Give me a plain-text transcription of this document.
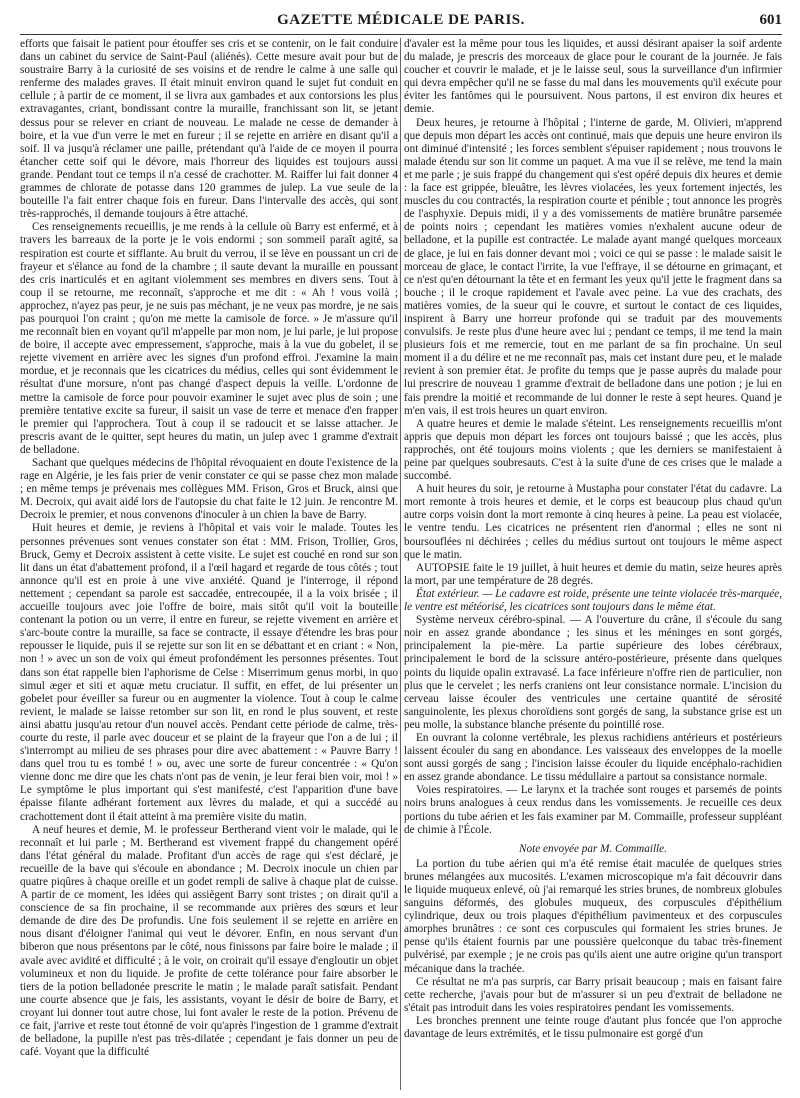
GAZETTE MÉDICALE DE PARIS.	601

efforts que faisait le patient pour étouffer ses cris et se contenir, on le fait conduire dans un cabinet du service de Saint-Paul (aliénés). Cette mesure avait pour but de soustraire Barry à la curiosité de ses voisins et de rendre le calme à une salle qui renferme des malades graves. Il était minuit environ quand le sujet fut conduit en cellule ; à partir de ce moment, il se livra aux gambades et aux contorsions les plus extravagantes, criant, bondissant contre la muraille, franchissant son lit, se jetant dessus pour se relever en criant de nouveau. Le malade ne cesse de demander à boire, et la vue d'un verre le met en fureur ; il se rejette en arrière en disant qu'il a soif. Il va jusqu'à réclamer une paille, prétendant qu'à l'aide de ce moyen il pourra étancher cette soif qui le dévore, mais l'horreur des liquides est toujours aussi grande. Pendant tout ce temps il n'a cessé de crachotter. M. Raiffer lui fait donner 4 grammes de chlorate de potasse dans 120 grammes de julep. La vue seule de la bouteille l'a fait entrer chaque fois en fureur. Dans l'intervalle des accès, qui sont très-rapprochés, il demande toujours à être attaché.

Ces renseignements recueillis, je me rends à la cellule où Barry est enfermé, et à travers les barreaux de la porte je le vois endormi ; son sommeil paraît agité, sa respiration est courte et sifflante. Au bruit du verrou, il se lève en poussant un cri de frayeur et s'élance au fond de la chambre ; il saute devant la muraille en poussant des cris inarticulés et en agitant violemment ses membres en divers sens. Tout à coup il se retourne, me reconnaît, s'approche et me dit : « Ah ! vous voilà ; approchez, n'ayez pas peur, je ne suis pas méchant, je ne veux pas mordre, je ne sais pas pourquoi l'on craint ; qu'on me mette la camisole de force. » Je m'assure qu'il me reconnaît bien en voyant qu'il m'appelle par mon nom, je lui parle, je lui propose de boire, il accepte avec empressement, s'approche, mais à la vue du gobelet, il se rejette vivement en arrière avec les signes d'un profond effroi. J'examine la main mordue, et je reconnais que les cicatrices du médius, celles qui sont évidemment le résultat d'une morsure, n'ont pas changé d'aspect depuis la veille. L'ordonne de mettre la camisole de force pour pouvoir examiner le sujet avec plus de soin ; une première tentative excite sa fureur, il saisit un vase de terre et menace d'en frapper le premier qui l'approchera. Tout à coup il se radoucit et se laisse attacher. Je prescris avant de le quitter, sept heures du matin, un julep avec 1 gramme d'extrait de belladone.

Sachant que quelques médecins de l'hôpital révoquaient en doute l'existence de la rage en Algérie, je les fais prier de venir constater ce qui se passe chez mon malade ; en même temps je prévenais mes collègues MM. Frison, Gros et Bruck, ainsi que M. Decroix, qui avait aidé lors de l'autopsie du chat faite le 12 juin. Je rencontre M. Decroix le premier, et nous convenons d'inoculer à un chien la bave de Barry.

Huit heures et demie, je reviens à l'hôpital et vais voir le malade. Toutes les personnes prévenues sont venues constater son état : MM. Frison, Trollier, Gros, Bruck, Gemy et Decroix assistent à cette visite. Le sujet est couché en rond sur son lit dans un état d'abattement profond, il a l'œil hagard et regarde de tous côtés ; tout annonce qu'il est en proie à une vive anxiété. Quand je l'interroge, il répond nettement ; cependant sa parole est saccadée, entrecoupée, il a la voix brisée ; il accueille toujours avec joie l'offre de boire, mais sitôt qu'il voit la bouteille contenant la potion ou un verre, il entre en fureur, se rejette vivement en arrière et s'arc-boute contre la muraille, sa face se contracte, il essaye d'étendre les bras pour repousser le liquide, puis il se rejette sur son lit en se débattant et en criant : « Non, non ! » avec un son de voix qui émeut profondément les personnes présentes. Tout dans son état rappelle bien l'aphorisme de Celse : Miserrimum genus morbi, in quo simul æger et siti et aquæ metu cruciatur. Il suffit, en effet, de lui présenter un gobelet pour éveiller sa fureur ou en augmenter la violence. Tout à coup le calme revient, le malade se laisse retomber sur son lit, en rond le plus souvent, et reste ainsi abattu jusqu'au retour d'un nouvel accès. Pendant cette période de calme, très-courte du reste, il parle avec douceur et se plaint de la frayeur que l'on a de lui ; il s'interrompt au milieu de ses phrases pour dire avec abattement : « Pauvre Barry ! dans quel trou tu es tombé ! » ou, avec une sorte de fureur concentrée : « Qu'on vienne donc me dire que les chats n'ont pas de venin, je leur ferai bien voir, moi ! » Le symptôme le plus important qui s'est manifesté, c'est l'apparition d'une bave épaisse filante adhérant fortement aux lèvres du malade, et qui a succédé au crachottement dont il était atteint à ma première visite du matin.

A neuf heures et demie, M. le professeur Bertherand vient voir le malade, qui le reconnaît et lui parle ; M. Bertherand est vivement frappé du changement opéré dans l'état général du malade. Profitant d'un accès de rage qui s'est déclaré, je recueille de la bave qui s'écoule en abondance ; M. Decroix inocule un chien par quatre piqûres à chaque oreille et un godet rempli de salive à chaque plat de cuisse. A partir de ce moment, les idées qui assiègent Barry sont tristes ; on dirait qu'il a conscience de sa fin prochaine, il se recommande aux prières des sœurs et leur demande de dire des De profundis. Une fois seulement il se rejette en arrière en nous disant d'éloigner l'animal qui veut le dévorer. Enfin, en nous servant d'un biberon que nous présentons par le côté, nous finissons par faire boire le malade ; il avale avec avidité et difficulté ; à le voir, on croirait qu'il essaye d'engloutir un objet volumineux et non du liquide. Je profite de cette tolérance pour faire absorber le tiers de la potion belladonée prescrite le matin ; le malade paraît satisfait. Pendant une courte absence que je fais, les assistants, voyant le désir de boire de Barry, et croyant lui donner tout autre chose, lui font avaler le reste de la potion. Prévenu de ce fait, j'arrive et reste tout étonné de voir qu'après l'ingestion de 1 gramme d'extrait de belladone, la pupille n'est pas très-dilatée ; cependant je fais donner un peu de café. Voyant que la difficulté

d'avaler est la même pour tous les liquides, et aussi désirant apaiser la soif ardente du malade, je prescris des morceaux de glace pour le courant de la journée. Je fais coucher et couvrir le malade, et je le laisse seul, sous la surveillance d'un infirmier qui devra empêcher qu'il ne se fasse du mal dans les mouvements qu'il exécute pour éviter les fantômes qui le poursuivent. Nous partons, il est environ dix heures et demie.

Deux heures, je retourne à l'hôpital ; l'interne de garde, M. Olivieri, m'apprend que depuis mon départ les accès ont continué, mais que depuis une heure environ ils ont diminué d'intensité ; les forces semblent s'épuiser rapidement ; nous trouvons le malade étendu sur son lit comme un paquet. A ma vue il se relève, me tend la main et me parle ; je suis frappé du changement qui s'est opéré depuis dix heures et demie : la face est grippée, bleuâtre, les lèvres violacées, les yeux fortement injectés, les muscles du cou contractés, la respiration courte et pénible ; tout annonce les progrès de l'asphyxie. Depuis midi, il y a des vomissements de matière brunâtre parsemée de points noirs ; cependant les matières vomies n'exhalent aucune odeur de belladone, et la pupille est contractée. Le malade ayant mangé quelques morceaux de glace, je lui en fais donner devant moi ; voici ce qui se passe : le malade saisit le morceau de glace, le contact l'irrite, la vue l'effraye, il se détourne en grimaçant, et ce n'est qu'en détournant la tête et en fermant les yeux qu'il jette le fragment dans sa bouche ; il le croque rapidement et l'avale avec peine. La vue des crachats, des matières vomies, de la sueur qui le couvre, et surtout le contact de ces liquides, inspirent à Barry une horreur profonde qui se traduit par des mouvements convulsifs. Je reste plus d'une heure avec lui ; pendant ce temps, il me tend la main plusieurs fois et me remercie, tout en me parlant de sa fin prochaine. Un seul moment il a du délire et ne me reconnaît pas, mais cet instant dure peu, et le malade revient à son premier état. Je profite du temps que je passe auprès du malade pour lui prescrire de nouveau 1 gramme d'extrait de belladone dans une potion ; je lui en fais prendre la moitié et recommande de lui donner le reste à sept heures. Quand je m'en vais, il est trois heures un quart environ.

A quatre heures et demie le malade s'éteint. Les renseignements recueillis m'ont appris que depuis mon départ les forces ont toujours baissé ; que les accès, plus rapprochés, ont été toujours moins violents ; que les derniers se manifestaient à peine par quelques soubresauts. C'est à la suite d'une de ces crises que le malade a succombé.

A huit heures du soir, je retourne à Mustapha pour constater l'état du cadavre. La mort remonte à trois heures et demie, et le corps est beaucoup plus chaud qu'un autre corps voisin dont la mort remonte à cinq heures à peine. La peau est violacée, le ventre tendu. Les cicatrices ne présentent rien d'anormal ; elles ne sont ni boursouflées ni déchirées ; celles du médius surtout ont toujours le même aspect que le matin.

AUTOPSIE faite le 19 juillet, à huit heures et demie du matin, seize heures après la mort, par une température de 28 degrés.

État extérieur. — Le cadavre est roide, présente une teinte violacée très-marquée, le ventre est météorisé, les cicatrices sont toujours dans le même état.

Système nerveux cérébro-spinal. — A l'ouverture du crâne, il s'écoule du sang noir en assez grande abondance ; les sinus et les méninges en sont gorgés, principalement la pie-mère. La partie supérieure des lobes cérébraux, principalement le bord de la scissure antéro-postérieure, présente dans quelques points du liquide opalin extravasé. La face inférieure n'offre rien de particulier, non plus que le cervelet ; les nerfs craniens ont leur consistance normale. L'incision du cerveau laisse écouler des ventricules une certaine quantité de sérosité sanguinolente, les plexus choroïdiens sont gorgés de sang, la substance grise est un peu molle, la substance blanche présente du pointillé rose.

En ouvrant la colonne vertébrale, les plexus rachidiens antérieurs et postérieurs laissent écouler du sang en abondance. Les vaisseaux des enveloppes de la moelle sont aussi gorgés de sang ; l'incision laisse écouler du liquide encéphalo-rachidien en assez grande abondance. Le tissu médullaire a partout sa consistance normale.

Voies respiratoires. — Le larynx et la trachée sont rouges et parsemés de points noirs bruns analogues à ceux rendus dans les vomissements. Je recueille ces deux portions du tube aérien et les fais examiner par M. Commaille, professeur suppléant de chimie à l'École.

Note envoyée par M. Commaille.

La portion du tube aérien qui m'a été remise était maculée de quelques stries brunes mélangées aux mucosités. L'examen microscopique m'a fait découvrir dans le liquide muqueux enlevé, où j'ai remarqué les stries brunes, de nombreux globules sanguins déformés, des globules muqueux, des corpuscules d'épithélium cylindrique, deux ou trois plaques d'épithélium pavimenteux et des corpuscules amorphes brunâtres : ce sont ces corpuscules qui formaient les stries brunes. Je pense qu'ils étaient fournis par une poussière quelconque du tabac très-finement pulvérisé, par exemple ; je ne crois pas qu'ils aient une autre origine qu'un transport mécanique dans la trachée.

Ce résultat ne m'a pas surpris, car Barry prisait beaucoup ; mais en faisant faire cette recherche, j'avais pour but de m'assurer si un peu d'extrait de belladone ne s'était pas introduit dans les voies respiratoires pendant les vomissements.

Les bronches prennent une teinte rouge d'autant plus foncée que l'on approche davantage de leurs extrémités, et le tissu pulmonaire est gorgé d'un
